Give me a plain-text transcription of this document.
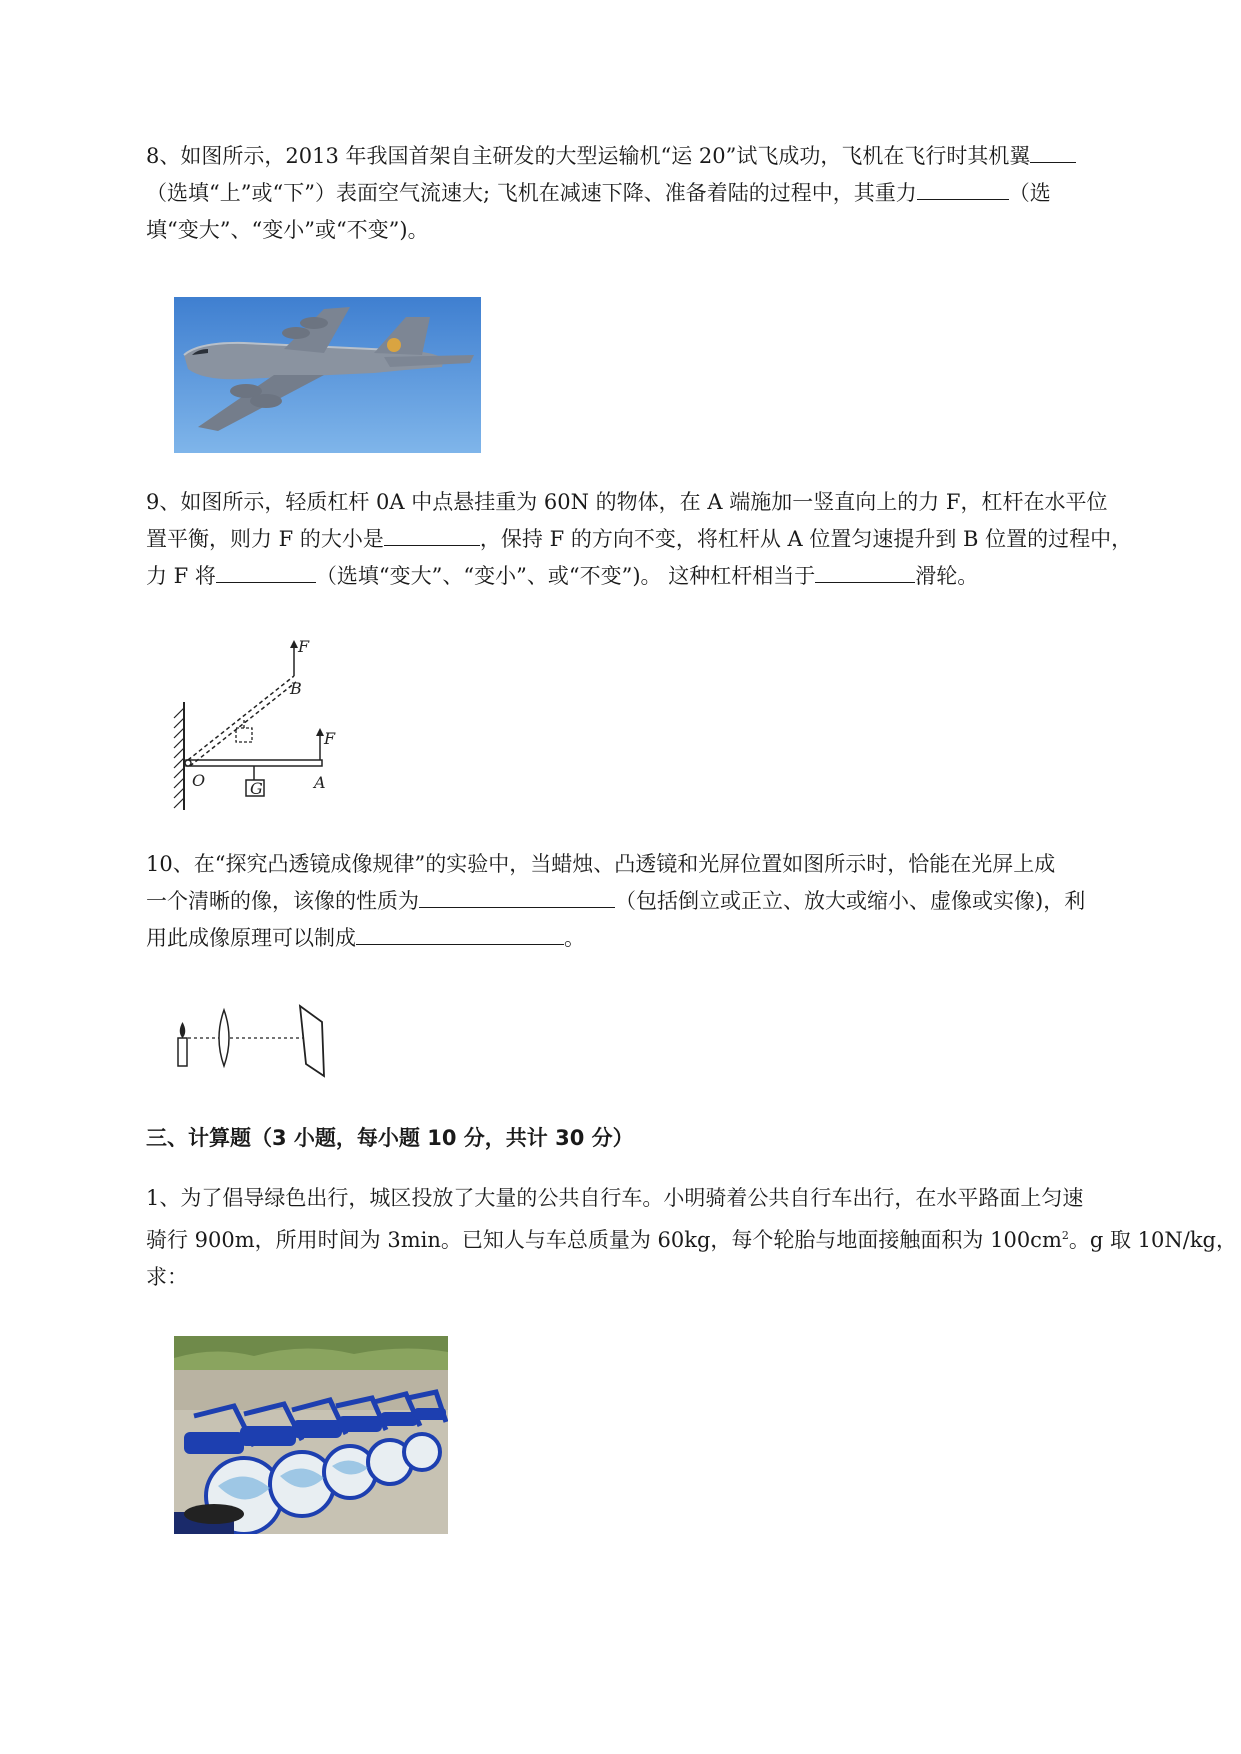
8、如图所示，2013 年我国首架自主研发的大型运输机“运 20”试飞成功，飞机在飞行时其机翼
（选填“上”或“下”）表面空气流速大; 飞机在减速下降、准备着陆的过程中，其重力	（选
填“变大”、“变小”或“不变”)。
9、如图所示，轻质杠杆 0A 中点悬挂重为 60N 的物体，在 A 端施加一竖直向上的力 F，杠杆在水平位
置平衡，则力 F 的大小是	，保持 F 的方向不变，将杠杆从 A 位置匀速提升到 B 位置的过程中，
力 F 将	（选填“变大”、“变小”、或“不变”)。 这种杠杆相当于	滑轮。
F
B
F
O	A
G
10、在“探究凸透镜成像规律”的实验中，当蜡烛、凸透镜和光屏位置如图所示时，恰能在光屏上成
一个清晰的像，该像的性质为	（包括倒立或正立、放大或缩小、虚像或实像)，利
用此成像原理可以制成	。
三、计算题（3 小题，每小题 10 分，共计 30 分）
1、为了倡导绿色出行，城区投放了大量的公共自行车。小明骑着公共自行车出行，在水平路面上匀速
骑行 900m，所用时间为 3min。已知人与车总质量为 60kg，每个轮胎与地面接触面积为 $100cm^2$。g 取 10N/kg，
求：
